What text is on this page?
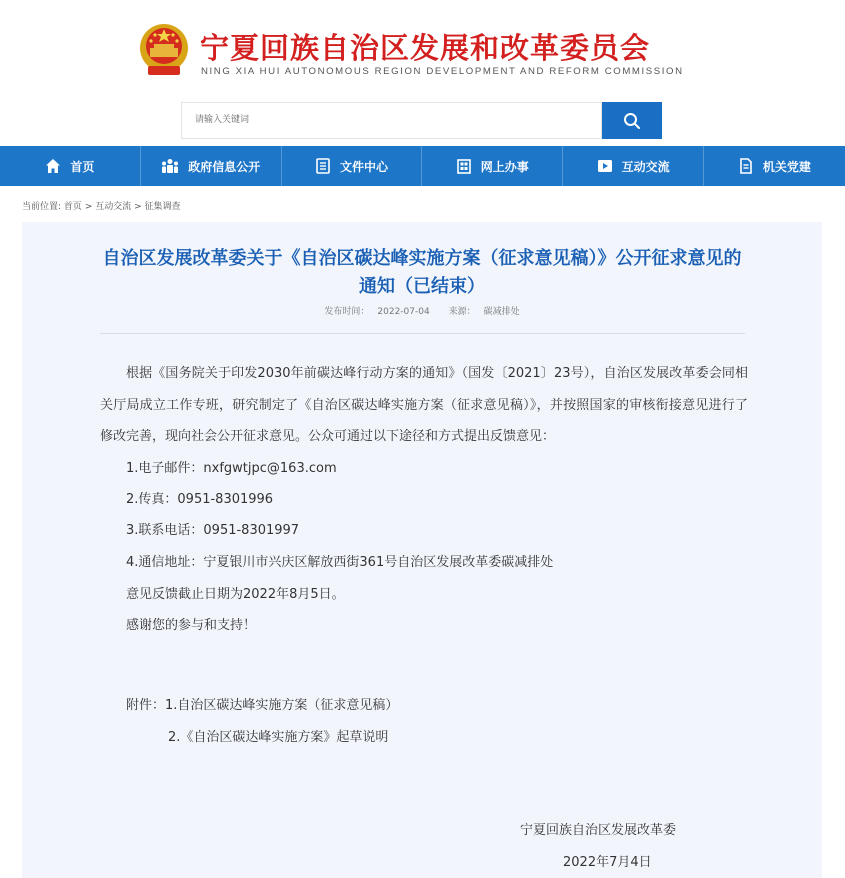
宁夏回族自治区发展和改革委员会
NING XIA HUI AUTONOMOUS REGION DEVELOPMENT AND REFORM COMMISSION
请输入关键词
首页	政府信息公开	文件中心	网上办事	互动交流	机关党建
当前位置: 首页 > 互动交流 > 征集调查
自治区发展改革委关于《自治区碳达峰实施方案（征求意见稿）》公开征求意见的通知（已结束）
发布时间： 2022-07-04 来源： 碳减排处
根据《国务院关于印发2030年前碳达峰行动方案的通知》（国发〔2021〕23号），自治区发展改革委会同相关厅局成立工作专班，研究制定了《自治区碳达峰实施方案（征求意见稿）》，并按照国家的审核衔接意见进行了修改完善，现向社会公开征求意见。公众可通过以下途径和方式提出反馈意见：
1.电子邮件：nxfgwtjpc@163.com
2.传真：0951-8301996
3.联系电话：0951-8301997
4.通信地址：宁夏银川市兴庆区解放西街361号自治区发展改革委碳减排处
意见反馈截止日期为2022年8月5日。
感谢您的参与和支持！
附件：1.自治区碳达峰实施方案（征求意见稿）
2.《自治区碳达峰实施方案》起草说明
宁夏回族自治区发展改革委
2022年7月4日
